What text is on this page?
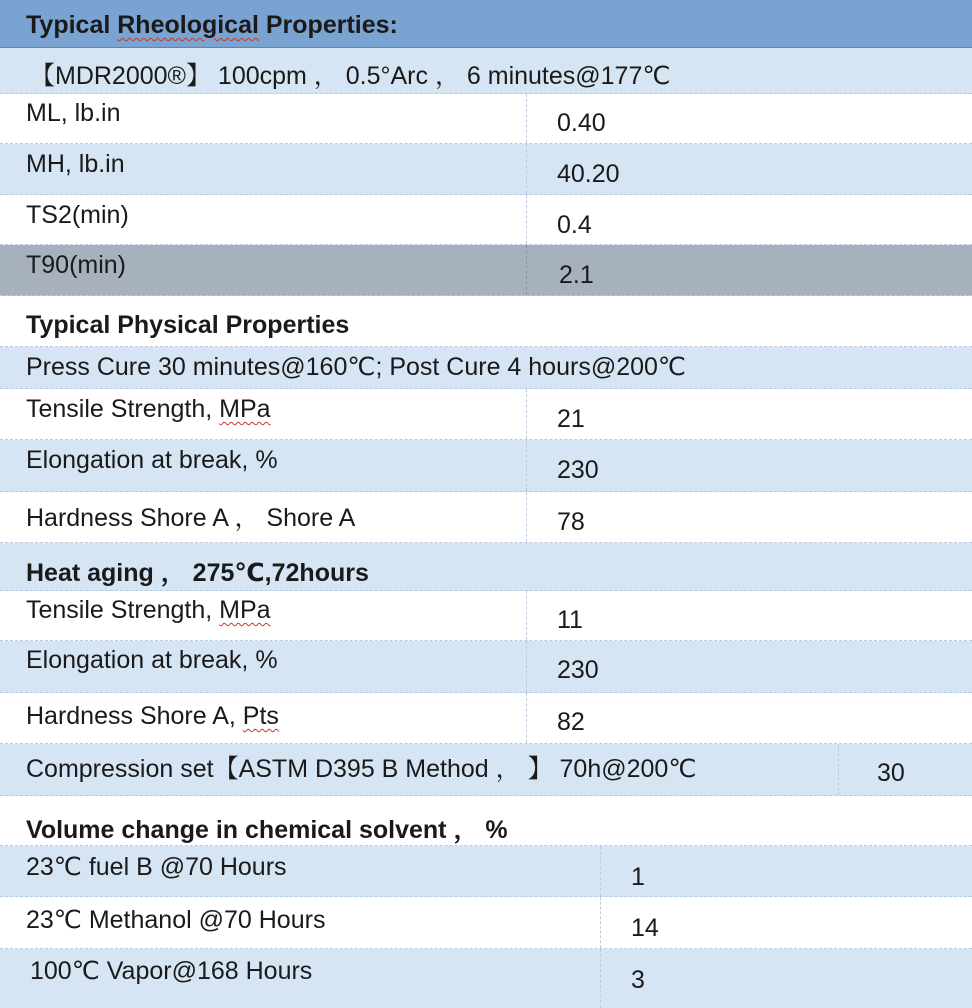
Typical Rheological Properties:
【MDR2000®】 100cpm ， 0.5°Arc ， 6 minutes@177℃
ML, lb.in	0.40
MH, lb.in	40.20
TS2(min)	0.4
T90(min)	2.1
Typical Physical Properties
Press Cure 30 minutes@160℃; Post Cure 4 hours@200℃
Tensile Strength, MPa	21
Elongation at break, %	230
Hardness Shore A ， Shore A	78
Heat aging ， 275℃,72hours
Tensile Strength, MPa	11
Elongation at break, %	230
Hardness Shore A, Pts	82
Compression set【ASTM D395 B Method ， 】 70h@200℃	30
Volume change in chemical solvent ， %
23℃ fuel B @70 Hours	1
23℃ Methanol @70 Hours	14
100℃ Vapor@168 Hours	3
